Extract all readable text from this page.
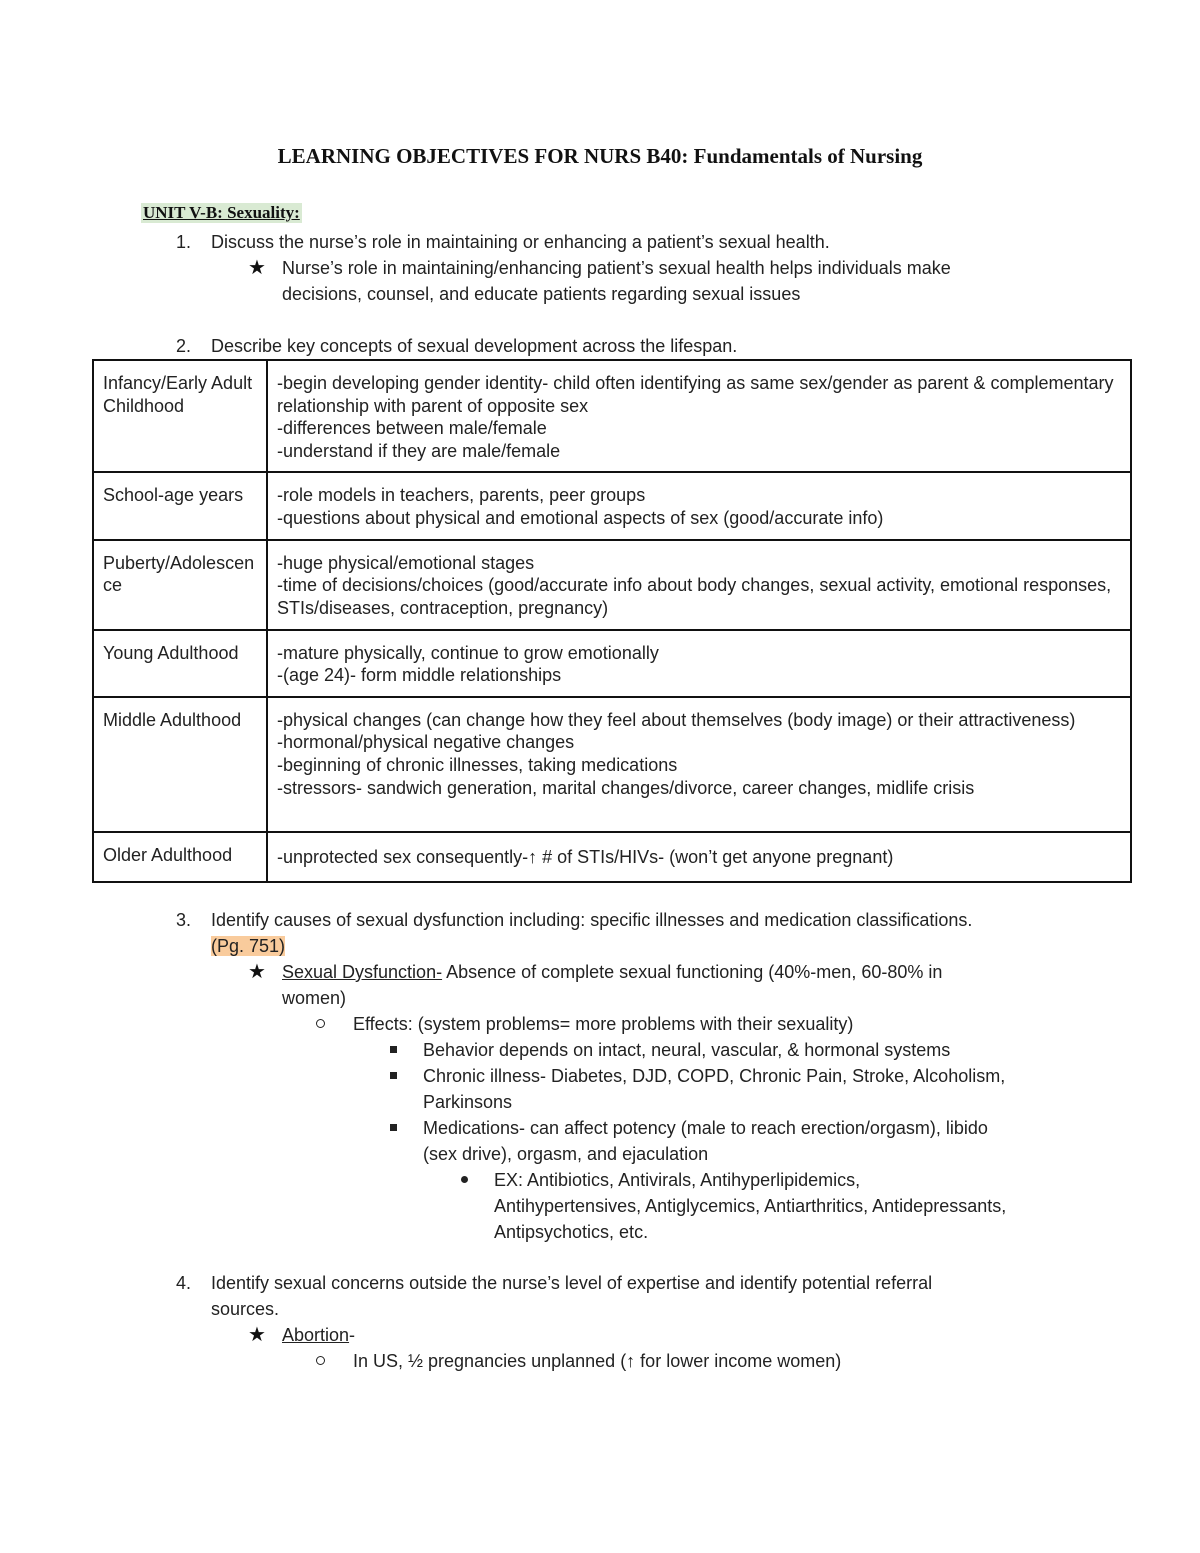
LEARNING OBJECTIVES FOR NURS B40: Fundamentals of Nursing
UNIT V-B: Sexuality:
1. Discuss the nurse’s role in maintaining or enhancing a patient’s sexual health.
★ Nurse’s role in maintaining/enhancing patient’s sexual health helps individuals make
decisions, counsel, and educate patients regarding sexual issues
2. Describe key concepts of sexual development across the lifespan.
Infancy/Early Adult Childhood	-begin developing gender identity- child often identifying as same sex/gender as parent & complementary relationship with parent of opposite sex
-differences between male/female
-understand if they are male/female

School-age years	-role models in teachers, parents, peer groups
-questions about physical and emotional aspects of sex (good/accurate info)

Puberty/Adolescence	-huge physical/emotional stages
-time of decisions/choices (good/accurate info about body changes, sexual activity, emotional responses, STIs/diseases, contraception, pregnancy)

Young Adulthood	-mature physically, continue to grow emotionally
-(age 24)- form middle relationships

Middle Adulthood	-physical changes (can change how they feel about themselves (body image) or their attractiveness)
-hormonal/physical negative changes
-beginning of chronic illnesses, taking medications
-stressors- sandwich generation, marital changes/divorce, career changes, midlife crisis

Older Adulthood	-unprotected sex consequently-↑ # of STIs/HIVs- (won’t get anyone pregnant)
3. Identify causes of sexual dysfunction including: specific illnesses and medication classifications.
(Pg. 751)
★ Sexual Dysfunction- Absence of complete sexual functioning (40%-men, 60-80% in
women)
Effects: (system problems= more problems with their sexuality)
Behavior depends on intact, neural, vascular, & hormonal systems
Chronic illness- Diabetes, DJD, COPD, Chronic Pain, Stroke, Alcoholism,
Parkinsons
Medications- can affect potency (male to reach erection/orgasm), libido
(sex drive), orgasm, and ejaculation
EX: Antibiotics, Antivirals, Antihyperlipidemics,
Antihypertensives, Antiglycemics, Antiarthritics, Antidepressants,
Antipsychotics, etc.
4. Identify sexual concerns outside the nurse’s level of expertise and identify potential referral
sources.
★ Abortion-
In US, ½ pregnancies unplanned (↑ for lower income women)
